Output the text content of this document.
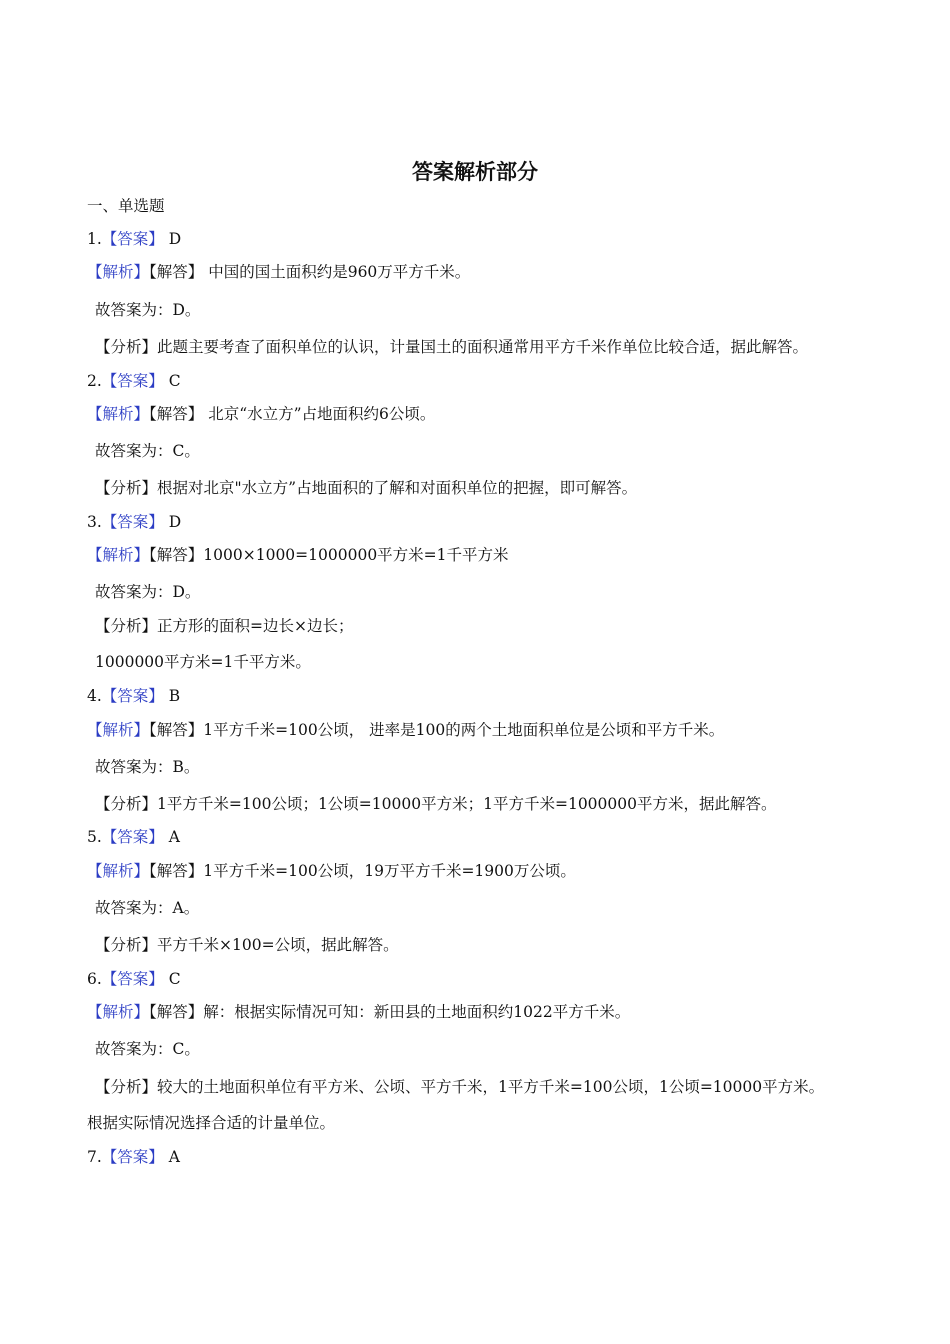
答案解析部分
一、单选题
1.【答案】 D
【解析】【解答】 中国的国土面积约是960万平方千米。
故答案为：D。
【分析】此题主要考查了面积单位的认识，计量国土的面积通常用平方千米作单位比较合适，据此解答。
2.【答案】 C
【解析】【解答】 北京“水立方”占地面积约6公顷。
故答案为：C。
【分析】根据对北京"水立方”占地面积的了解和对面积单位的把握，即可解答。
3.【答案】 D
【解析】【解答】1000×1000=1000000平方米=1千平方米
故答案为：D。
【分析】正方形的面积=边长×边长；
1000000平方米=1千平方米。
4.【答案】 B
【解析】【解答】1平方千米=100公顷， 进率是100的两个土地面积单位是公顷和平方千米。
故答案为：B。
【分析】1平方千米=100公顷；1公顷=10000平方米；1平方千米=1000000平方米，据此解答。
5.【答案】 A
【解析】【解答】1平方千米=100公顷，19万平方千米=1900万公顷。
故答案为：A。
【分析】平方千米×100=公顷，据此解答。
6.【答案】 C
【解析】【解答】解：根据实际情况可知：新田县的土地面积约1022平方千米。
故答案为：C。
【分析】较大的土地面积单位有平方米、公顷、平方千米，1平方千米=100公顷，1公顷=10000平方米。
根据实际情况选择合适的计量单位。
7.【答案】 A
